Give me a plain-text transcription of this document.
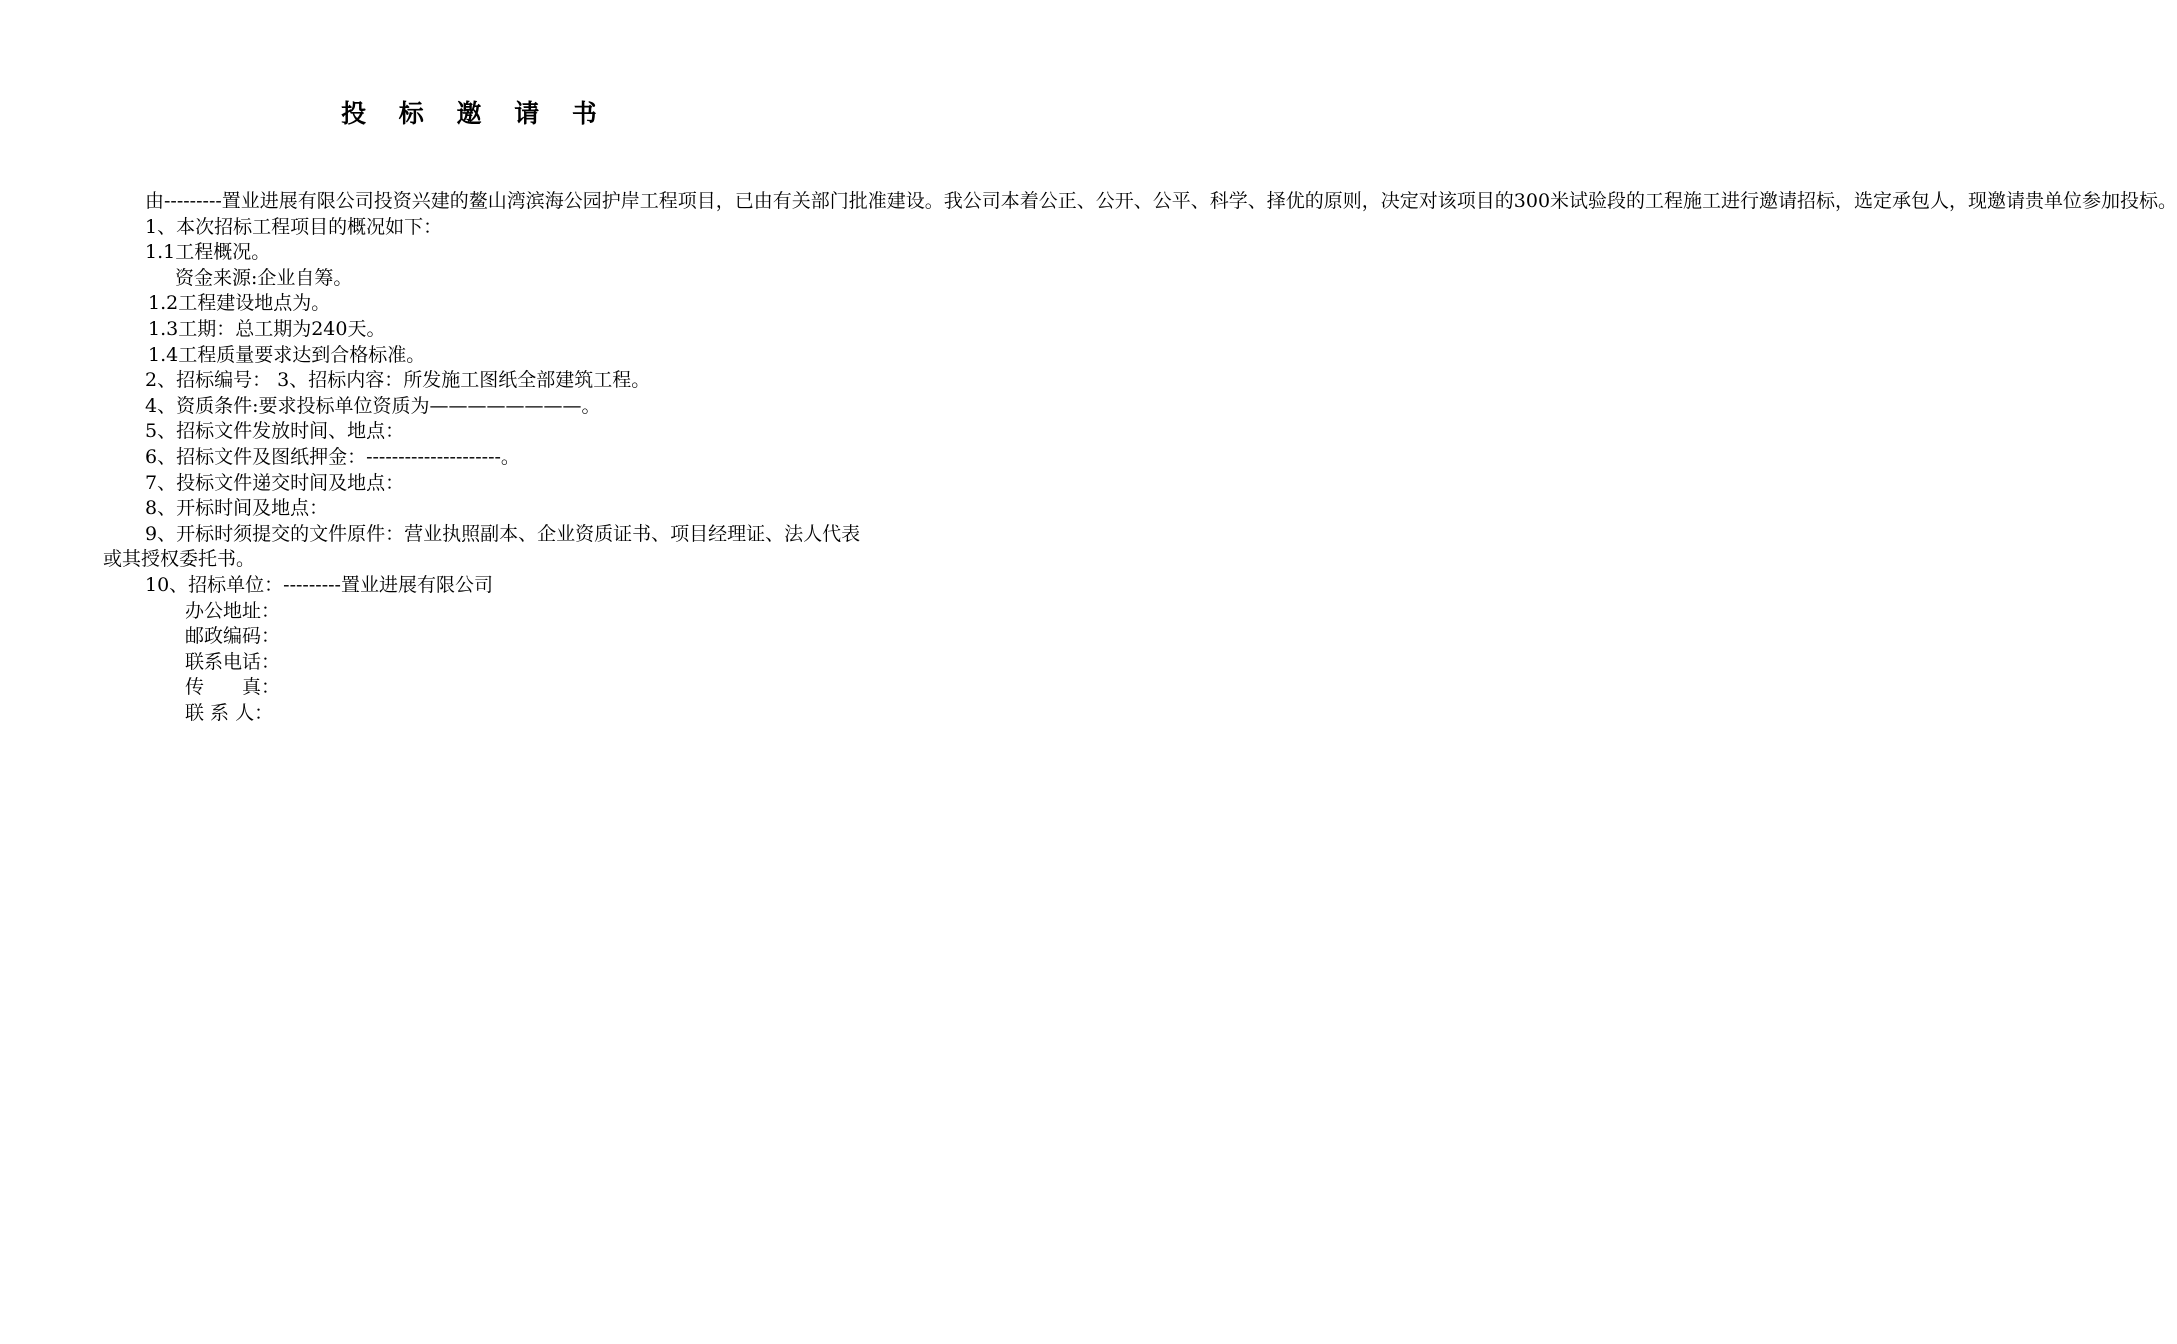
投 标 邀 请 书

由---------置业进展有限公司投资兴建的鳌山湾滨海公园护岸工程项目，已由有关部门批准建设。我公司本着公正、公开、公平、科学、择优的原则，决定对该项目的300米试验段的工程施工进行邀请招标，选定承包人，现邀请贵单位参加投标。

1、本次招标工程项目的概况如下：

1.1工程概况。

资金来源:企业自筹。

1.2工程建设地点为。

1.3工期：总工期为240天。

1.4工程质量要求达到合格标准。

2、招标编号： 3、招标内容：所发施工图纸全部建筑工程。

4、资质条件:要求投标单位资质为————————。

5、招标文件发放时间、地点：

6、招标文件及图纸押金：---------------------。

7、投标文件递交时间及地点：

8、开标时间及地点：

9、开标时须提交的文件原件：营业执照副本、企业资质证书、项目经理证、法人代表或其授权委托书。

10、招标单位：---------置业进展有限公司

办公地址：

邮政编码：

联系电话：

传　　真：

联 系 人：
